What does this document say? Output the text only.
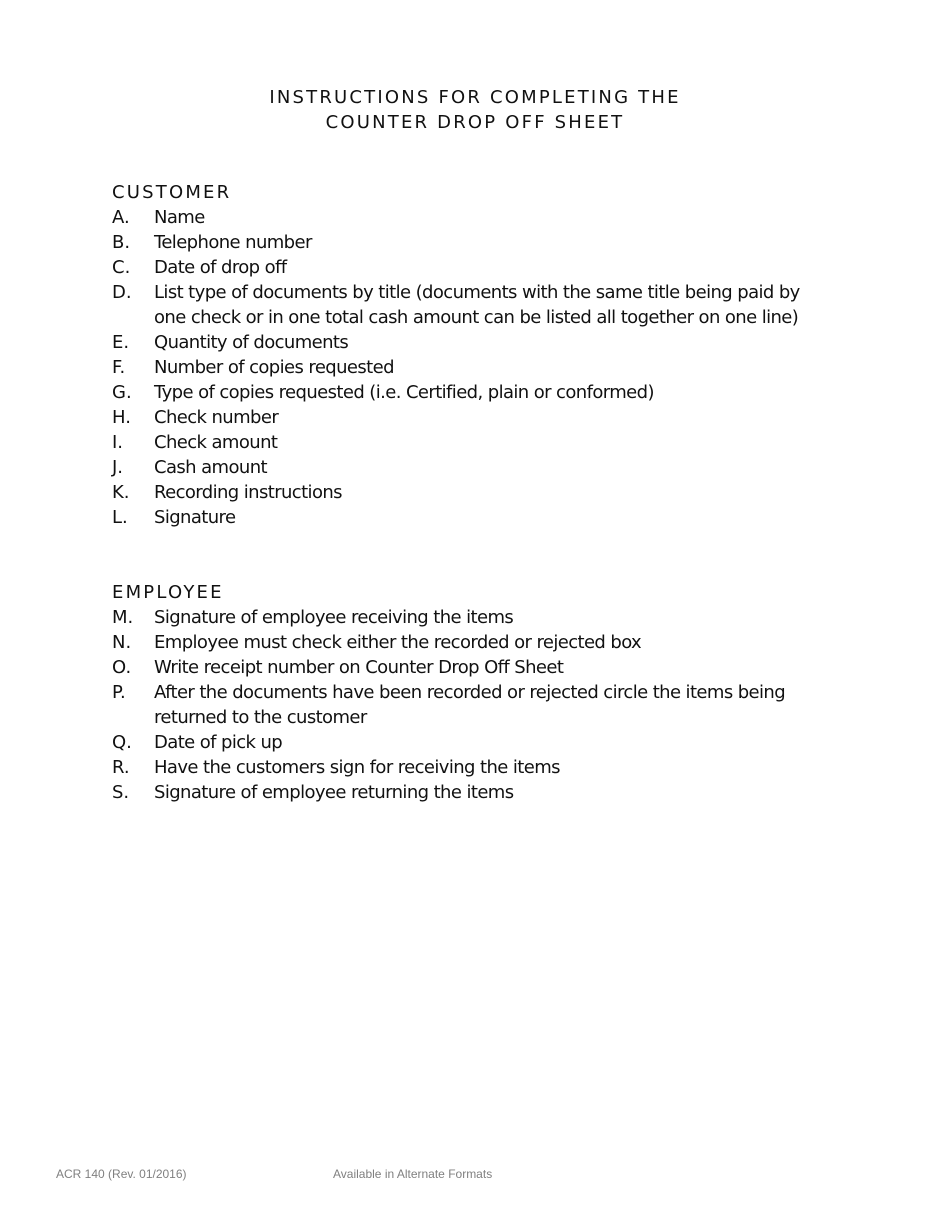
INSTRUCTIONS FOR COMPLETING THE
COUNTER DROP OFF SHEET
CUSTOMER
A.	Name
B.	Telephone number
C.	Date of drop off
D.	List type of documents by title (documents with the same title being paid by one check or in one total cash amount can be listed all together on one line)
E.	Quantity of documents
F.	Number of copies requested
G.	Type of copies requested (i.e. Certified, plain or conformed)
H.	Check number
I.	Check amount
J.	Cash amount
K.	Recording instructions
L.	Signature
EMPLOYEE
M.	Signature of employee receiving the items
N.	Employee must check either the recorded or rejected box
O.	Write receipt number on Counter Drop Off Sheet
P.	After the documents have been recorded or rejected circle the items being returned to the customer
Q.	Date of pick up
R.	Have the customers sign for receiving the items
S.	Signature of employee returning the items
ACR 140 (Rev. 01/2016)	Available in Alternate Formats
